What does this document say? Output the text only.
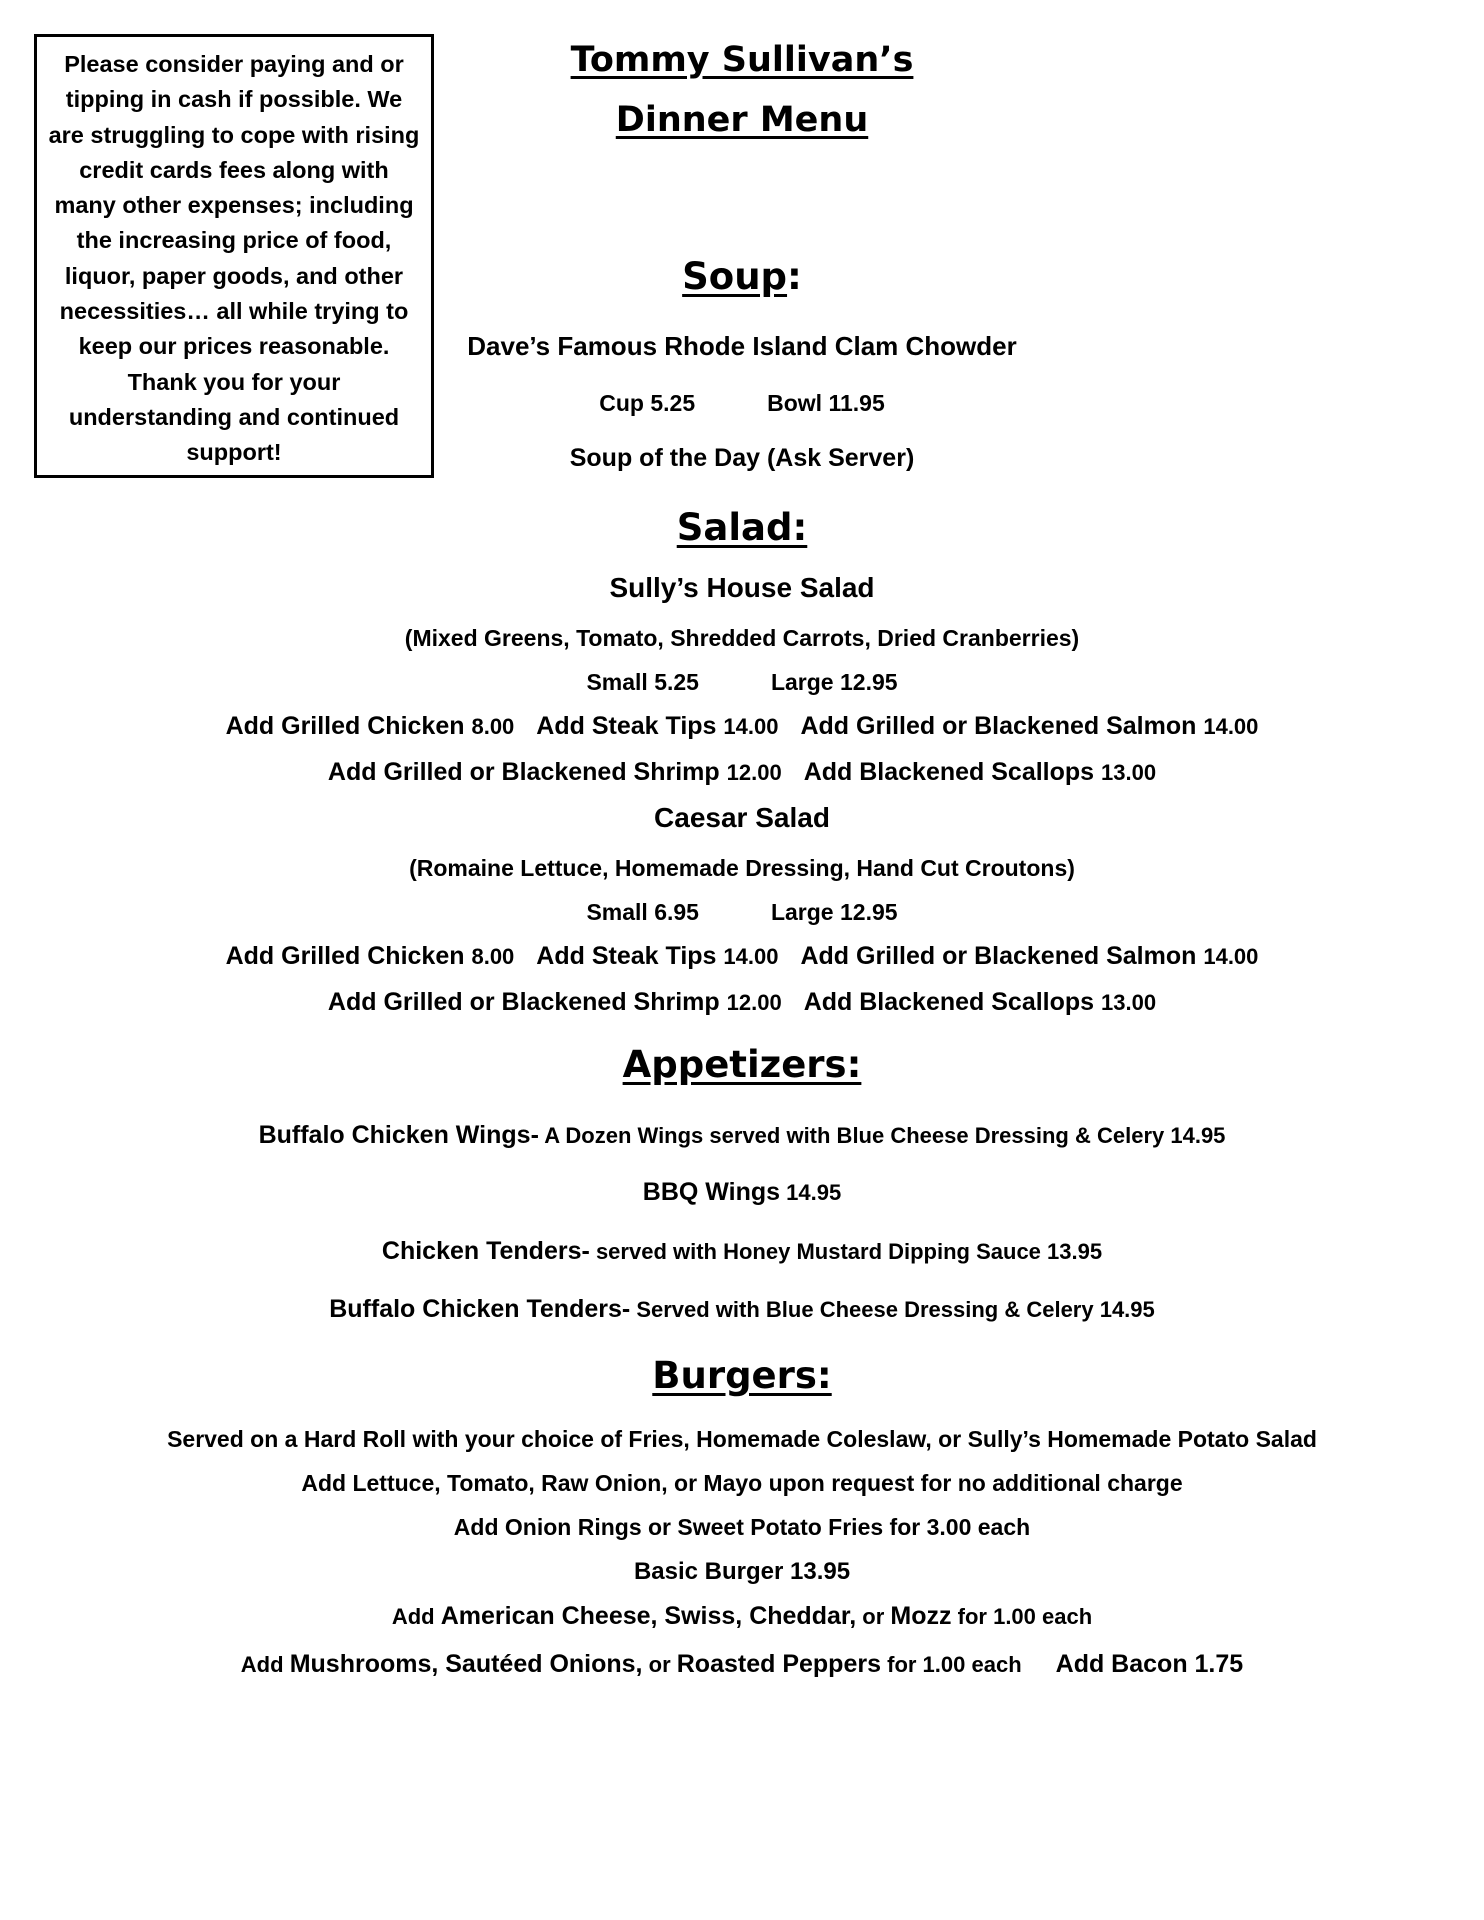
Please consider paying and or
tipping in cash if possible. We
are struggling to cope with rising
credit cards fees along with
many other expenses; including
the increasing price of food,
liquor, paper goods, and other
necessities… all while trying to
keep our prices reasonable.
Thank you for your
understanding and continued
support!
Tommy Sullivan’s
Dinner Menu
Soup:
Dave’s Famous Rhode Island Clam Chowder
Cup 5.25	Bowl 11.95
Soup of the Day (Ask Server)
Salad:
Sully’s House Salad
(Mixed Greens, Tomato, Shredded Carrots, Dried Cranberries)
Small 5.25	Large 12.95
Add Grilled Chicken 8.00 Add Steak Tips 14.00 Add Grilled or Blackened Salmon 14.00
Add Grilled or Blackened Shrimp 12.00 Add Blackened Scallops 13.00
Caesar Salad
(Romaine Lettuce, Homemade Dressing, Hand Cut Croutons)
Small 6.95	Large 12.95
Add Grilled Chicken 8.00 Add Steak Tips 14.00 Add Grilled or Blackened Salmon 14.00
Add Grilled or Blackened Shrimp 12.00 Add Blackened Scallops 13.00
Appetizers:
Buffalo Chicken Wings- A Dozen Wings served with Blue Cheese Dressing & Celery 14.95
BBQ Wings 14.95
Chicken Tenders- served with Honey Mustard Dipping Sauce 13.95
Buffalo Chicken Tenders- Served with Blue Cheese Dressing & Celery 14.95
Burgers:
Served on a Hard Roll with your choice of Fries, Homemade Coleslaw, or Sully’s Homemade Potato Salad
Add Lettuce, Tomato, Raw Onion, or Mayo upon request for no additional charge
Add Onion Rings or Sweet Potato Fries for 3.00 each
Basic Burger 13.95
Add American Cheese, Swiss, Cheddar, or Mozz for 1.00 each
Add Mushrooms, Sautéed Onions, or Roasted Peppers for 1.00 each Add Bacon 1.75
